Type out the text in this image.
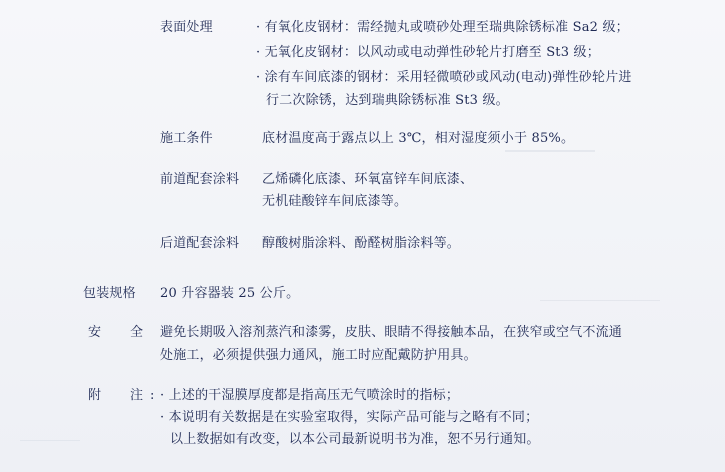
表面处理	· 有氧化皮钢材：需经抛丸或喷砂处理至瑞典除锈标准 Sa2 级；
· 无氧化皮钢材：以风动或电动弹性砂轮片打磨至 St3 级；
· 涂有车间底漆的钢材：采用轻微喷砂或风动(电动)弹性砂轮片进
行二次除锈，达到瑞典除锈标准 St3 级。
施工条件	底材温度高于露点以上 3℃，相对湿度须小于 85%。
前道配套涂料 乙烯磷化底漆、环氧富锌车间底漆、
无机硅酸锌车间底漆等。
后道配套涂料 醇酸树脂涂料、酚醛树脂涂料等。
包装规格 20 升容器装 25 公斤。
安 全 避免长期吸入溶剂蒸汽和漆雾，皮肤、眼睛不得接触本品，在狭窄或空气不流通
处施工，必须提供强力通风，施工时应配戴防护用具。
附 注 : · 上述的干湿膜厚度都是指高压无气喷涂时的指标；
· 本说明有关数据是在实验室取得，实际产品可能与之略有不同；
以上数据如有改变，以本公司最新说明书为准，恕不另行通知。
